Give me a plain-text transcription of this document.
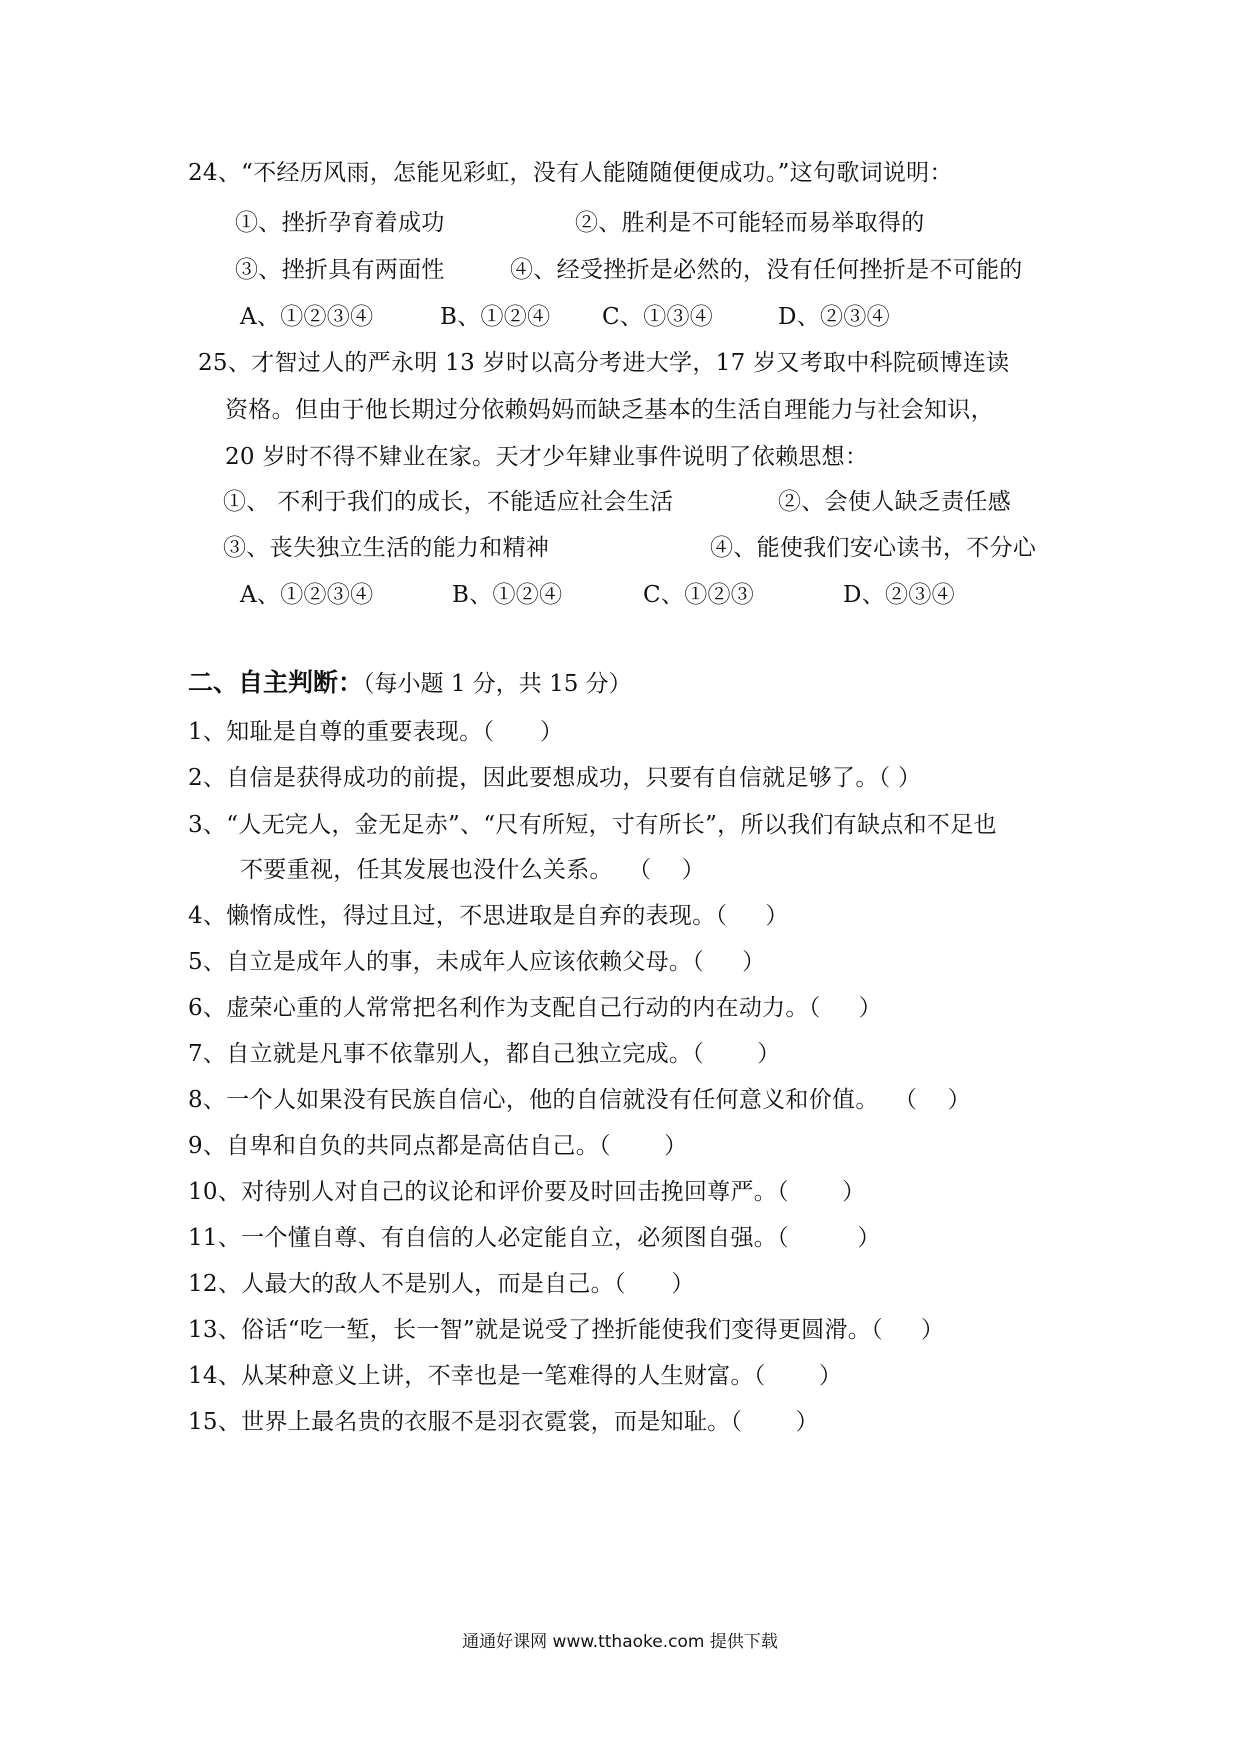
24、“不经历风雨，怎能见彩虹，没有人能随随便便成功。”这句歌词说明：
①、挫折孕育着成功	②、胜利是不可能轻而易举取得的
③、挫折具有两面性	④、经受挫折是必然的，没有任何挫折是不可能的
A、①②③④	B、①②④ C、①③④	D、②③④
25、才智过人的严永明 13 岁时以高分考进大学，17 岁又考取中科院硕博连读
资格。但由于他长期过分依赖妈妈而缺乏基本的生活自理能力与社会知识，
20 岁时不得不肄业在家。天才少年肄业事件说明了依赖思想：
①、 不利于我们的成长，不能适应社会生活	②、会使人缺乏责任感
③、丧失独立生活的能力和精神	④、能使我们安心读书，不分心
A、①②③④	B、①②④	C、①②③	D、②③④
二、自主判断：（每小题 1 分，共 15 分）
1、知耻是自尊的重要表现。（      ）
2、自信是获得成功的前提，因此要想成功，只要有自信就足够了。（ ）
3、“人无完人，金无足赤”、“尺有所短，寸有所长”，所以我们有缺点和不足也
不要重视，任其发展也没什么关系。  （    ）
4、懒惰成性，得过且过，不思进取是自弃的表现。（     ）
5、自立是成年人的事，未成年人应该依赖父母。（     ）
6、虚荣心重的人常常把名利作为支配自己行动的内在动力。（     ）
7、自立就是凡事不依靠别人，都自己独立完成。（       ）
8、一个人如果没有民族自信心，他的自信就没有任何意义和价值。  （    ）
9、自卑和自负的共同点都是高估自己。（       ）
10、对待别人对自己的议论和评价要及时回击挽回尊严。（       ）
11、一个懂自尊、有自信的人必定能自立，必须图自强。（         ）
12、人最大的敌人不是别人，而是自己。（      ）
13、俗话“吃一堑，长一智”就是说受了挫折能使我们变得更圆滑。（     ）
14、从某种意义上讲，不幸也是一笔难得的人生财富。（       ）
15、世界上最名贵的衣服不是羽衣霓裳，而是知耻。（       ）
通通好课网 www.tthaoke.com 提供下载
